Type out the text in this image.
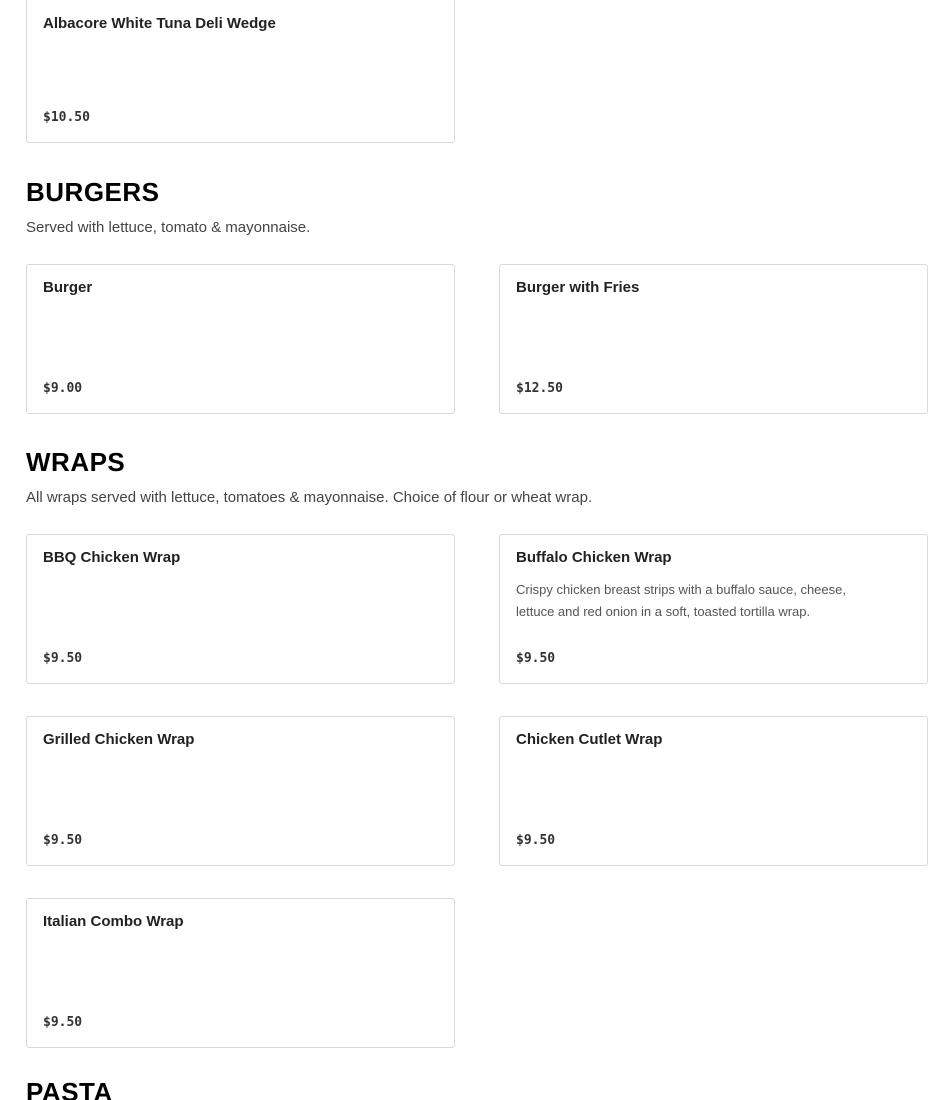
Albacore White Tuna Deli Wedge
$10.50
BURGERS

Served with lettuce, tomato & mayonnaise.

Burger
$9.00
Burger with Fries
$12.50
WRAPS

All wraps served with lettuce, tomatoes & mayonnaise. Choice of flour or wheat wrap.

BBQ Chicken Wrap
$9.50
Buffalo Chicken Wrap
Crispy chicken breast strips with a buffalo sauce, cheese, lettuce and red onion in a soft, toasted tortilla wrap.
$9.50
Grilled Chicken Wrap
$9.50
Chicken Cutlet Wrap
$9.50
Italian Combo Wrap
$9.50
PASTA
